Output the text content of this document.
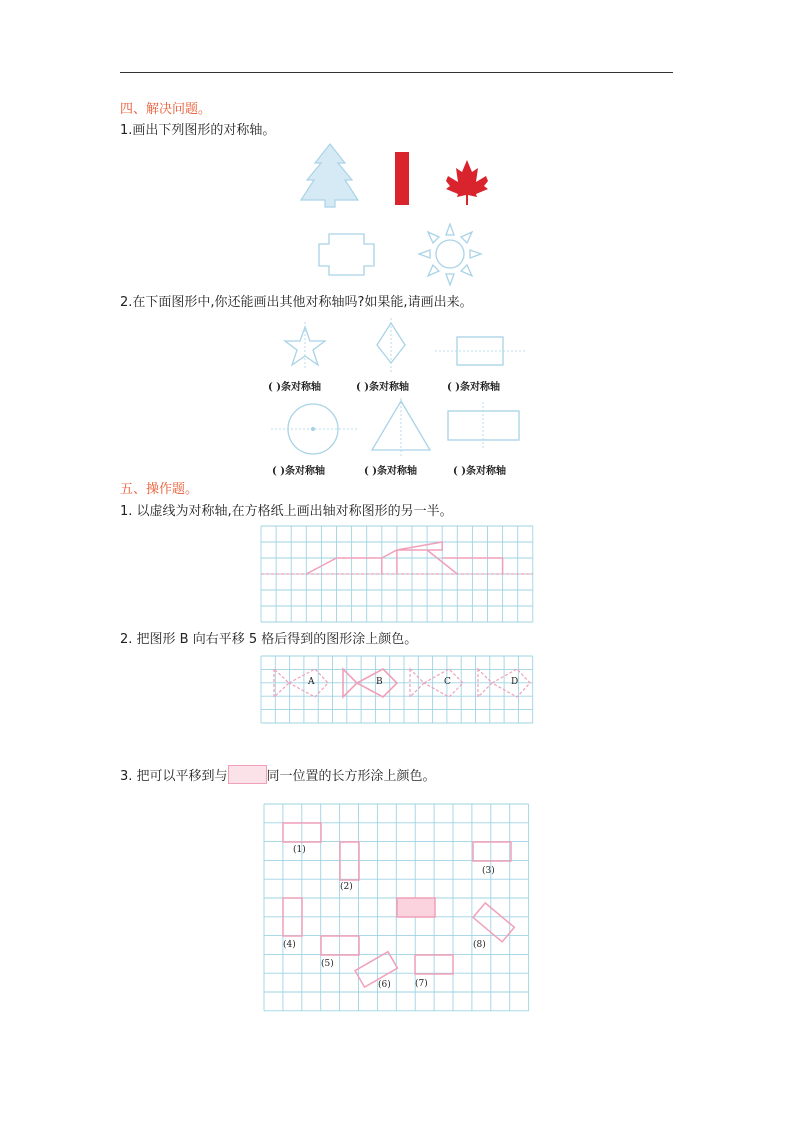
四、解决问题。
1.画出下列图形的对称轴。
2.在下面图形中,你还能画出其他对称轴吗?如果能,请画出来。
( )条对称轴	( )条对称轴	( )条对称轴
( )条对称轴	( )条对称轴	( )条对称轴
五、操作题。
1. 以虚线为对称轴,在方格纸上画出轴对称图形的另一半。
2. 把图形 B 向右平移 5 格后得到的图形涂上颜色。
A	B	C	D
3. 把可以平移到与	同一位置的长方形涂上颜色。
(1)
(2)
(3)
(4)
(5)
(6)	(7)
(8)
